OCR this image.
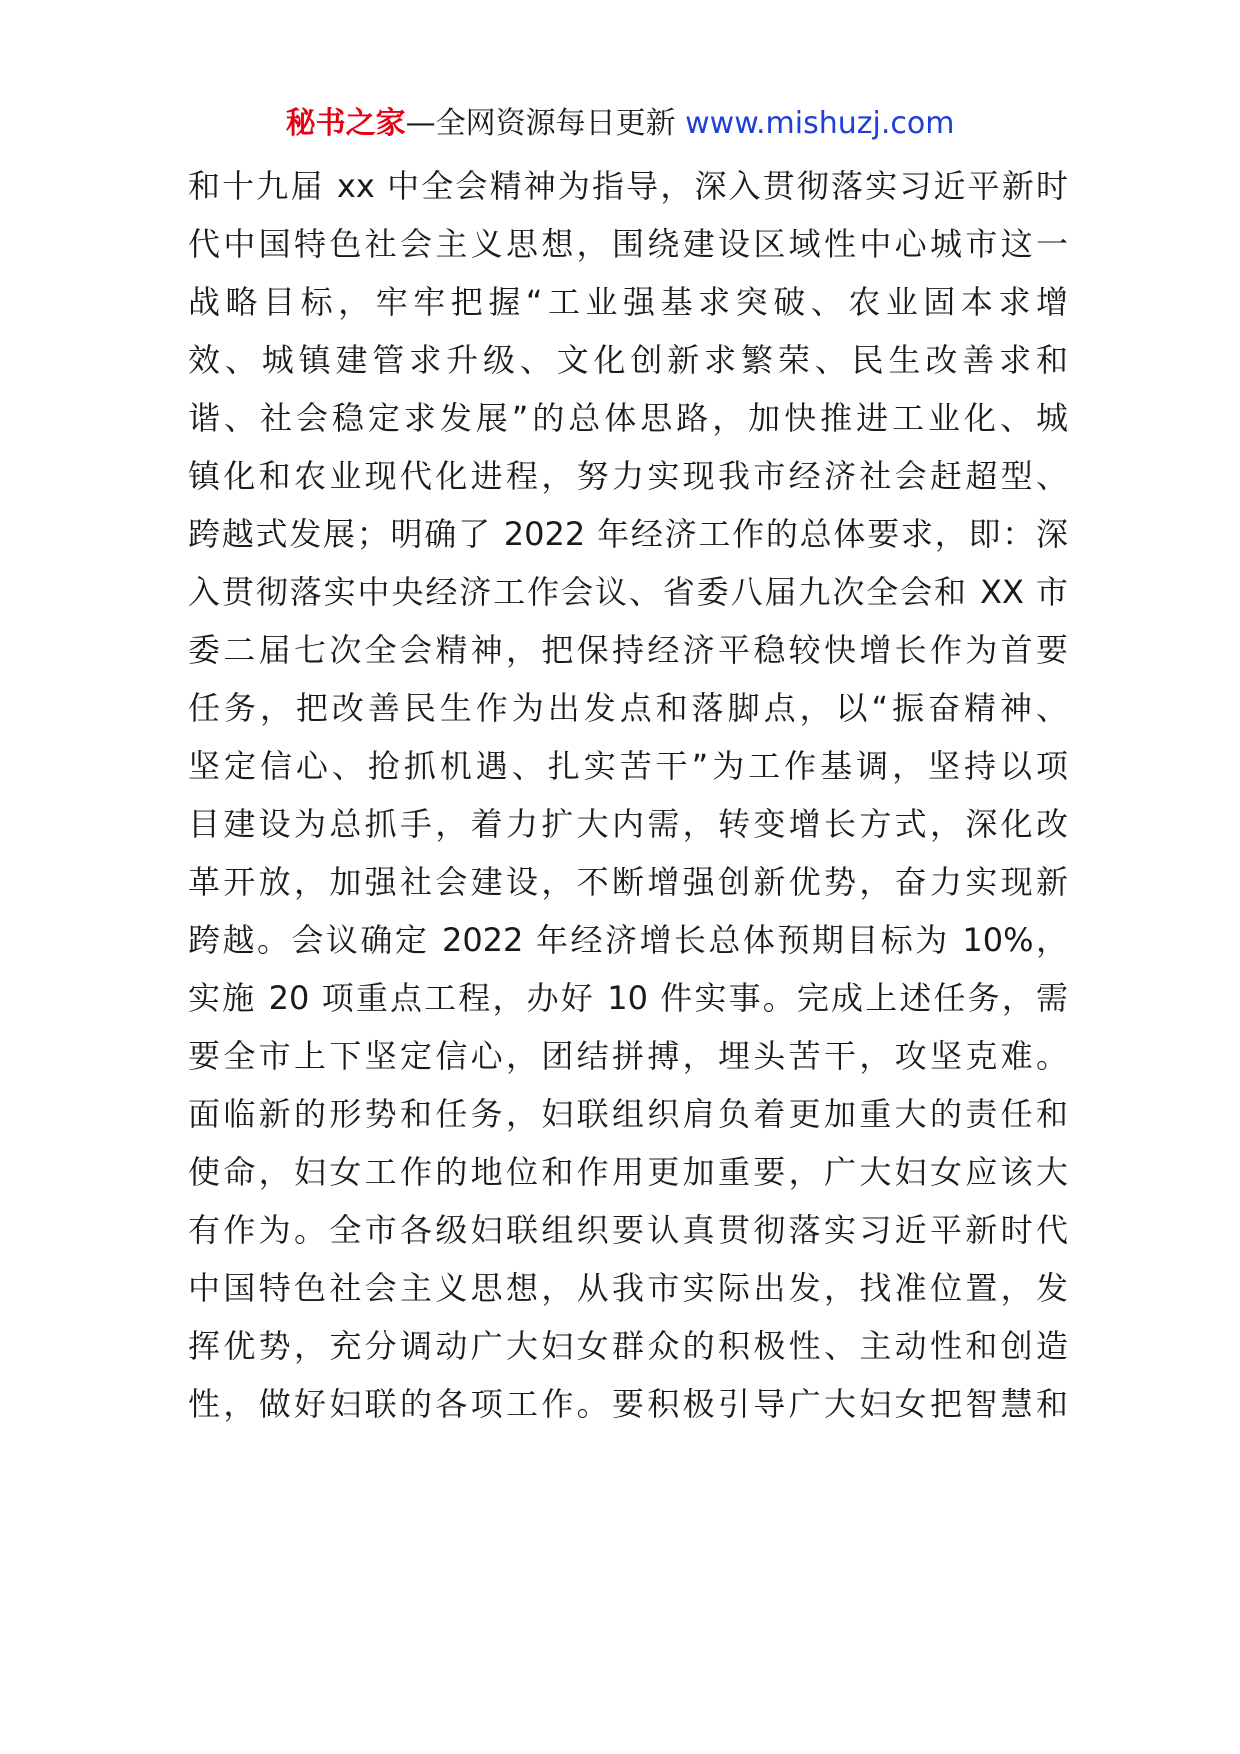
秘书之家—全网资源每日更新 www.mishuzj.com
和十九届 xx 中全会精神为指导，深入贯彻落实习近平新时
代中国特色社会主义思想，围绕建设区域性中心城市这一
战略目标，牢牢把握“工业强基求突破、农业固本求增
效、城镇建管求升级、文化创新求繁荣、民生改善求和
谐、社会稳定求发展”的总体思路，加快推进工业化、城
镇化和农业现代化进程，努力实现我市经济社会赶超型、
跨越式发展；明确了 2022 年经济工作的总体要求，即：深
入贯彻落实中央经济工作会议、省委八届九次全会和 XX 市
委二届七次全会精神，把保持经济平稳较快增长作为首要
任务，把改善民生作为出发点和落脚点，以“振奋精神、
坚定信心、抢抓机遇、扎实苦干”为工作基调，坚持以项
目建设为总抓手，着力扩大内需，转变增长方式，深化改
革开放，加强社会建设，不断增强创新优势，奋力实现新
跨越。会议确定 2022 年经济增长总体预期目标为 10%，
实施 20 项重点工程，办好 10 件实事。完成上述任务，需
要全市上下坚定信心，团结拼搏，埋头苦干，攻坚克难。
面临新的形势和任务，妇联组织肩负着更加重大的责任和
使命，妇女工作的地位和作用更加重要，广大妇女应该大
有作为。全市各级妇联组织要认真贯彻落实习近平新时代
中国特色社会主义思想，从我市实际出发，找准位置，发
挥优势，充分调动广大妇女群众的积极性、主动性和创造
性，做好妇联的各项工作。要积极引导广大妇女把智慧和
